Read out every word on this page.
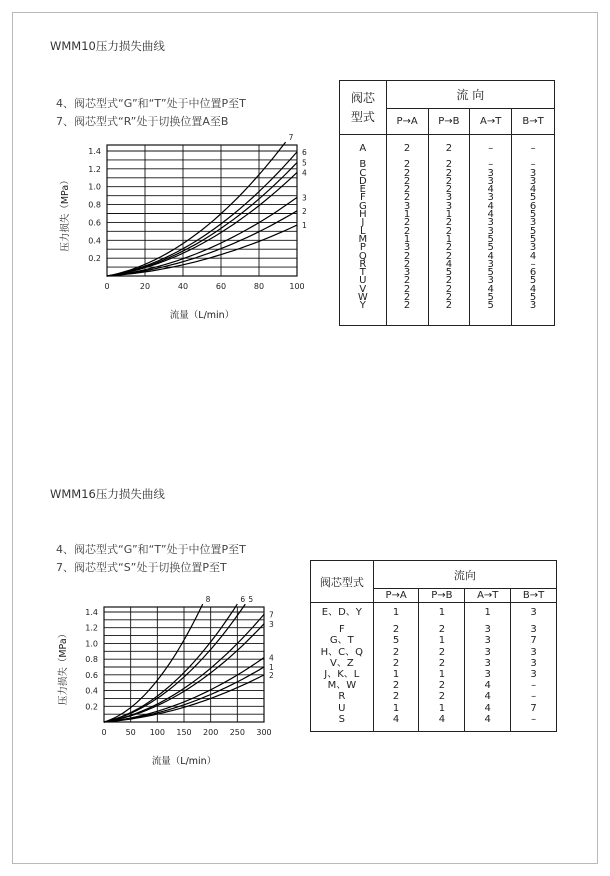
WMM10压力损失曲线
4、阀芯型式“G”和“T”处于中位置P至T
7、阀芯型式“R”处于切换位置A至B
0	20	40	60	80	100
0.2
0.4
0.6
0.8
1.0
1.2
1.4
1
2
3
4
5
6
7
流量（L/min）
压力损失（MPa）
阀芯
型式	流 向			
	P→A	P→B	A→T	B→T
A	2	2	–	–
B	2	2	–	–
C	2	2	3	3
D	2	2	3	3
E	2	2	4	4
F	2	3	3	5
G	3	3	4	6
H	1	1	4	5
J	2	2	3	3
L	2	2	3	5
M	1	1	5	5
P	3	2	5	3
Q	2	2	4	4
R	2	4	3	–
T	3	5	5	6
U	2	2	3	5
V	2	2	4	4
W	2	2	5	5
Y	2	2	5	3
WMM16压力损失曲线
4、阀芯型式“G”和“T”处于中位置P至T
7、阀芯型式“S”处于切换位置P至T
0 50 100 150 200 250 300
0.2
0.4
0.6
0.8
1.0
1.2
1.4
1
2
3
4
5
6
7
8
流量（L/min）
压力损失（MPa）
阀芯型式	流向			
	P→A	P→B	A→T	B→T
E、D、Y	1	1	1	3
F	2	2	3	3
G、T	5	1	3	7
H、C、Q	2	2	3	3
V、Z	2	2	3	3
J、K、L	1	1	3	3
M、W	2	2	4	–
R	2	2	4	–
U	1	1	4	7
S	4	4	4	–
